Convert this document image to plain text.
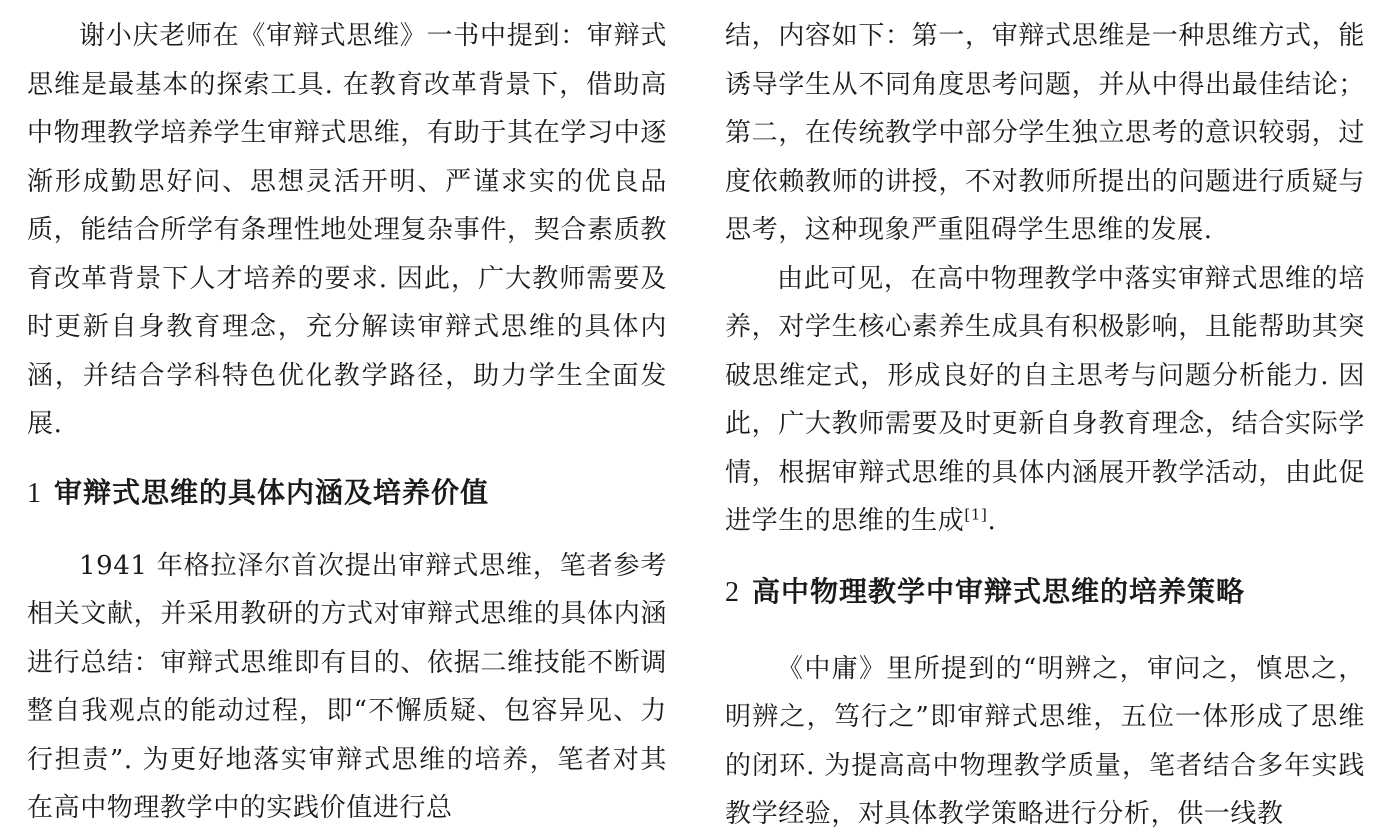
谢小庆老师在《审辩式思维》一书中提到：审辩式思维是最基本的探索工具. 在教育改革背景下，借助高中物理教学培养学生审辩式思维，有助于其在学习中逐渐形成勤思好问、思想灵活开明、严谨求实的优良品质，能结合所学有条理性地处理复杂事件，契合素质教育改革背景下人才培养的要求. 因此，广大教师需要及时更新自身教育理念，充分解读审辩式思维的具体内涵，并结合学科特色优化教学路径，助力学生全面发展.

1 审辩式思维的具体内涵及培养价值

1941 年格拉泽尔首次提出审辩式思维，笔者参考相关文献，并采用教研的方式对审辩式思维的具体内涵进行总结：审辩式思维即有目的、依据二维技能不断调整自我观点的能动过程，即“不懈质疑、包容异见、力行担责”. 为更好地落实审辩式思维的培养，笔者对其在高中物理教学中的实践价值进行总

结，内容如下：第一，审辩式思维是一种思维方式，能诱导学生从不同角度思考问题，并从中得出最佳结论；第二，在传统教学中部分学生独立思考的意识较弱，过度依赖教师的讲授，不对教师所提出的问题进行质疑与思考，这种现象严重阻碍学生思维的发展.

由此可见，在高中物理教学中落实审辩式思维的培养，对学生核心素养生成具有积极影响，且能帮助其突破思维定式，形成良好的自主思考与问题分析能力. 因此，广大教师需要及时更新自身教育理念，结合实际学情，根据审辩式思维的具体内涵展开教学活动，由此促进学生的思维的生成[1].

2 高中物理教学中审辩式思维的培养策略

《中庸》里所提到的“明辨之，审问之，慎思之，明辨之，笃行之”即审辩式思维，五位一体形成了思维的闭环. 为提高高中物理教学质量，笔者结合多年实践教学经验，对具体教学策略进行分析，供一线教
